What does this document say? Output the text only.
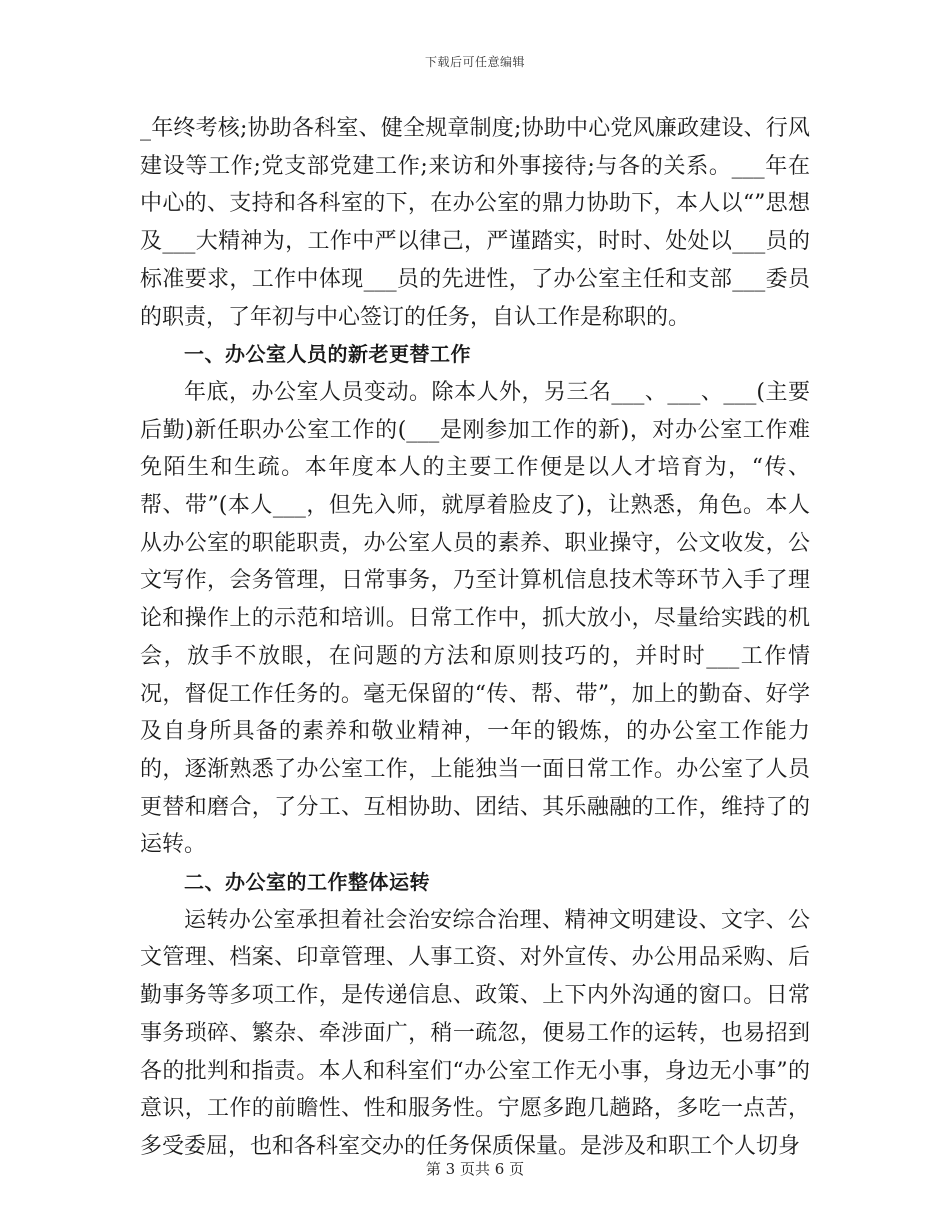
下载后可任意编辑

_年终考核;协助各科室、健全规章制度;协助中心党风廉政建设、行风建设等工作;党支部党建工作;来访和外事接待;与各的关系。___年在中心的、支持和各科室的下，在办公室的鼎力协助下，本人以“”思想及___大精神为，工作中严以律己，严谨踏实，时时、处处以___员的标准要求，工作中体现___员的先进性，了办公室主任和支部___委员的职责，了年初与中心签订的任务，自认工作是称职的。

一、办公室人员的新老更替工作

年底，办公室人员变动。除本人外，另三名___、___、___(主要后勤)新任职办公室工作的(___是刚参加工作的新)，对办公室工作难免陌生和生疏。本年度本人的主要工作便是以人才培育为，“传、帮、带”(本人___，但先入师，就厚着脸皮了)，让熟悉，角色。本人从办公室的职能职责，办公室人员的素养、职业操守，公文收发，公文写作，会务管理，日常事务，乃至计算机信息技术等环节入手了理论和操作上的示范和培训。日常工作中，抓大放小，尽量给实践的机会，放手不放眼，在问题的方法和原则技巧的，并时时___工作情况，督促工作任务的。毫无保留的“传、帮、带”，加上的勤奋、好学及自身所具备的素养和敬业精神，一年的锻炼，的办公室工作能力的，逐渐熟悉了办公室工作，上能独当一面日常工作。办公室了人员更替和磨合，了分工、互相协助、团结、其乐融融的工作，维持了的运转。

二、办公室的工作整体运转

运转办公室承担着社会治安综合治理、精神文明建设、文字、公文管理、档案、印章管理、人事工资、对外宣传、办公用品采购、后勤事务等多项工作，是传递信息、政策、上下内外沟通的窗口。日常事务琐碎、繁杂、牵涉面广，稍一疏忽，便易工作的运转，也易招到各的批判和指责。本人和科室们“办公室工作无小事，身边无小事”的意识，工作的前瞻性、性和服务性。宁愿多跑几趟路，多吃一点苦，多受委屈，也和各科室交办的任务保质保量。是涉及和职工个人切身

第 3 页共 6 页
